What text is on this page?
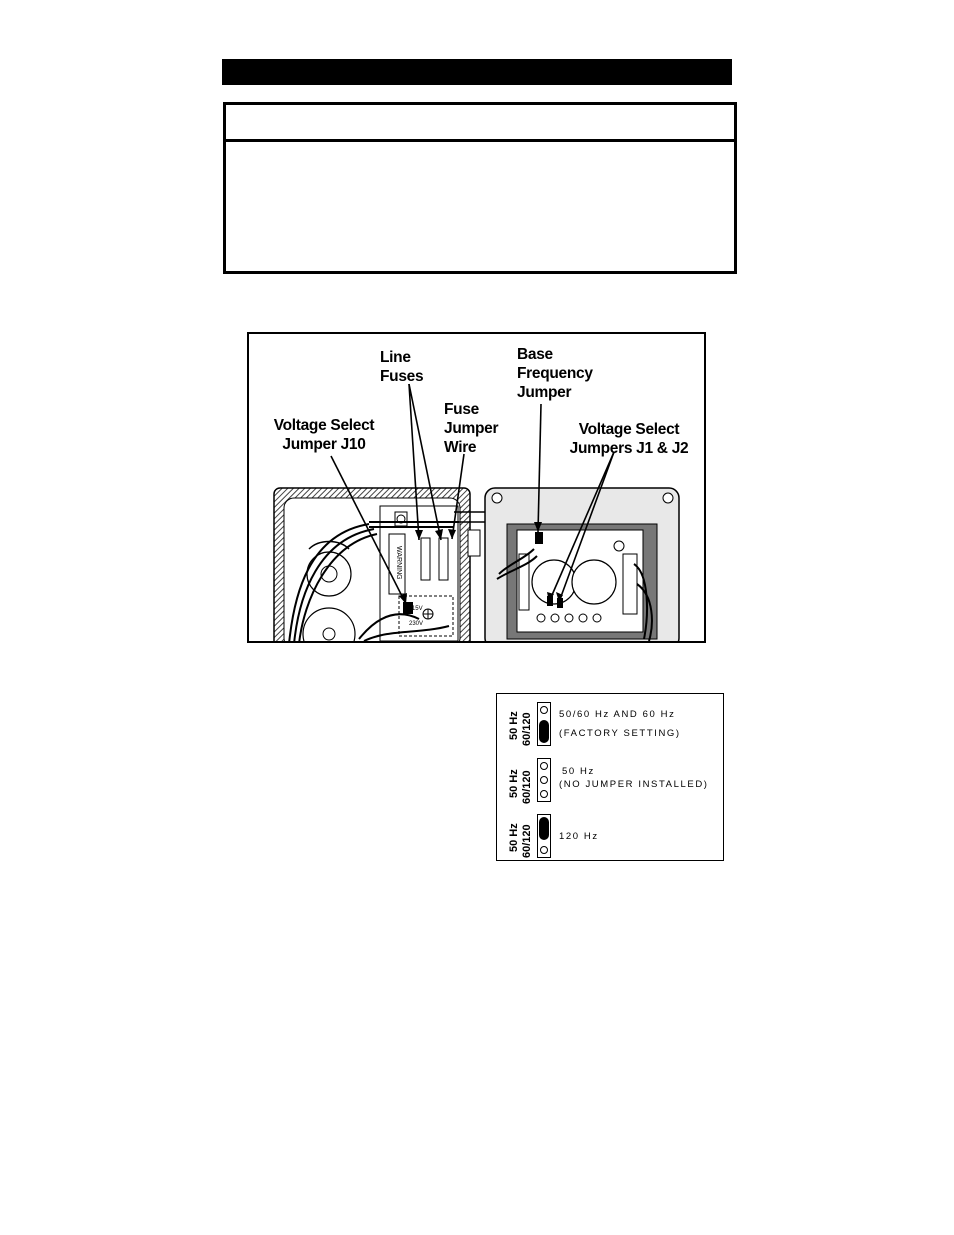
WARNING
115V
230V
Line
Fuses
Base
Frequency
Jumper
Fuse
Jumper
Wire
Voltage Select
Jumper J10
Voltage Select
Jumpers J1 & J2
50 Hz 60/120	50/60 Hz AND 60 Hz
(FACTORY SETTING)
50 Hz 60/120	50 Hz
(NO JUMPER INSTALLED)
50 Hz 60/120	120 Hz
